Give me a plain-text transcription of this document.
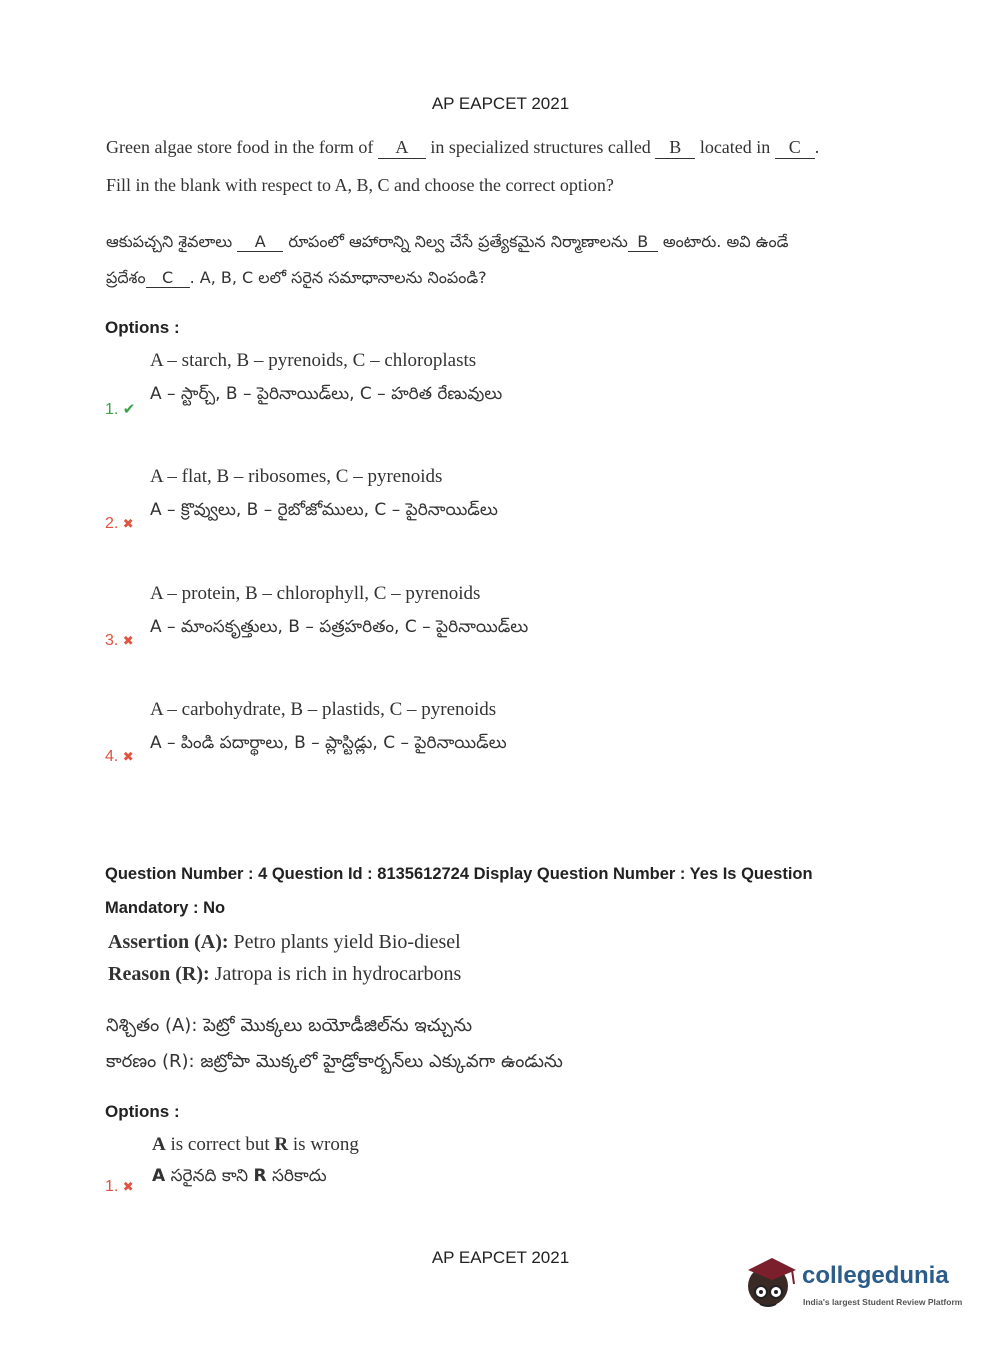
AP EAPCET 2021
Green algae store food in the form of A in specialized structures called B located in C .
Fill in the blank with respect to A, B, C and choose the correct option?
ఆకుపచ్చని శైవలాలు A రూపంలో ఆహారాన్ని నిల్వ చేసే ప్రత్యేకమైన నిర్మాణాలను B అంటారు. అవి ఉండే
ప్రదేశం C . A, B, C లలో సరైన సమాధానాలను నింపండి?
Options :
A – starch, B – pyrenoids, C – chloroplasts
A – స్టార్చ్, B – పైరినాయిడ్‌లు, C – హరిత రేణువులు
1. ✔
A – flat, B – ribosomes, C – pyrenoids
A – క్రొవ్వులు, B – రైబోజోములు, C – పైరినాయిడ్‌లు
2. ✖
A – protein, B – chlorophyll, C – pyrenoids
A – మాంసకృత్తులు, B – పత్రహరితం, C – పైరినాయిడ్‌లు
3. ✖
A – carbohydrate, B – plastids, C – pyrenoids
A – పిండి పదార్థాలు, B – ప్లాస్టిడ్లు, C – పైరినాయిడ్‌లు
4. ✖
Question Number : 4 Question Id : 8135612724 Display Question Number : Yes Is Question
Mandatory : No
Assertion (A): Petro plants yield Bio-diesel
Reason (R): Jatropa is rich in hydrocarbons
నిశ్చితం (A): పెట్రో మొక్కలు బయోడీజిల్‌ను ఇచ్చును
కారణం (R): జట్రోపా మొక్కలో హైడ్రోకార్బన్‌లు ఎక్కువగా ఉండును
Options :
A is correct but R is wrong
A సరైనది కాని R సరికాదు
1. ✖
AP EAPCET 2021
collegedunia
India's largest Student Review Platform
